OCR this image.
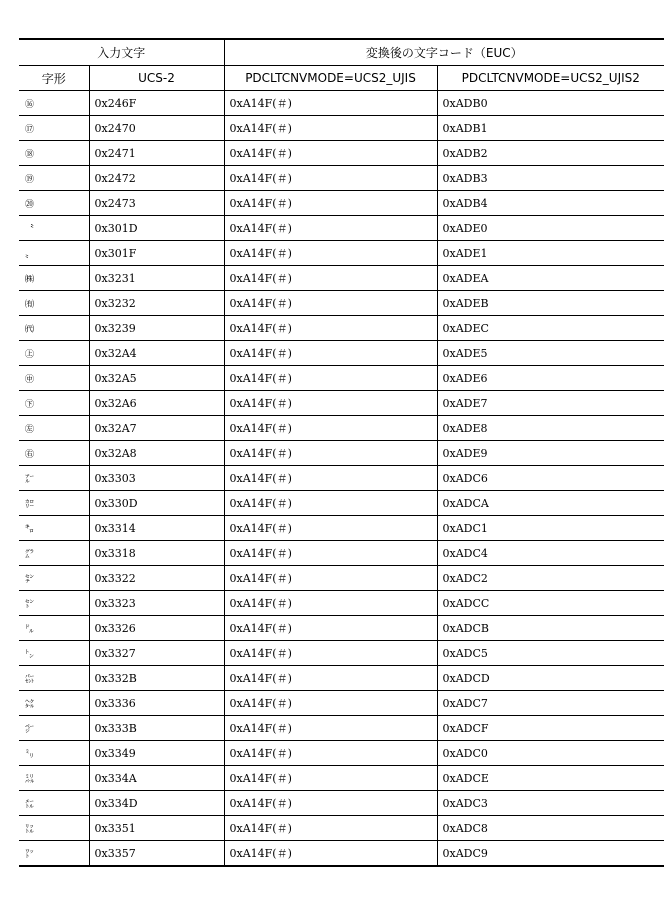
入力文字		変換後の文字コード（EUC）	
字形	UCS-2	PDCLTCNVMODE=UCS2_UJIS	PDCLTCNVMODE=UCS2_UJIS2
⑯	0x246F	0xA14F(＃)	0xADB0
⑰	0x2470	0xA14F(＃)	0xADB1
⑱	0x2471	0xA14F(＃)	0xADB2
⑲	0x2472	0xA14F(＃)	0xADB3
⑳	0x2473	0xA14F(＃)	0xADB4
〝	0x301D	0xA14F(＃)	0xADE0
〟	0x301F	0xA14F(＃)	0xADE1
㈱	0x3231	0xA14F(＃)	0xADEA
㈲	0x3232	0xA14F(＃)	0xADEB
㈹	0x3239	0xA14F(＃)	0xADEC
㊤	0x32A4	0xA14F(＃)	0xADE5
㊥	0x32A5	0xA14F(＃)	0xADE6
㊦	0x32A6	0xA14F(＃)	0xADE7
㊧	0x32A7	0xA14F(＃)	0xADE8
㊨	0x32A8	0xA14F(＃)	0xADE9
㌃	0x3303	0xA14F(＃)	0xADC6
㌍	0x330D	0xA14F(＃)	0xADCA
㌔	0x3314	0xA14F(＃)	0xADC1
㌘	0x3318	0xA14F(＃)	0xADC4
㌢	0x3322	0xA14F(＃)	0xADC2
㌣	0x3323	0xA14F(＃)	0xADCC
㌦	0x3326	0xA14F(＃)	0xADCB
㌧	0x3327	0xA14F(＃)	0xADC5
㌫	0x332B	0xA14F(＃)	0xADCD
㌶	0x3336	0xA14F(＃)	0xADC7
㌻	0x333B	0xA14F(＃)	0xADCF
㍉	0x3349	0xA14F(＃)	0xADC0
㍊	0x334A	0xA14F(＃)	0xADCE
㍍	0x334D	0xA14F(＃)	0xADC3
㍑	0x3351	0xA14F(＃)	0xADC8
㍗	0x3357	0xA14F(＃)	0xADC9
